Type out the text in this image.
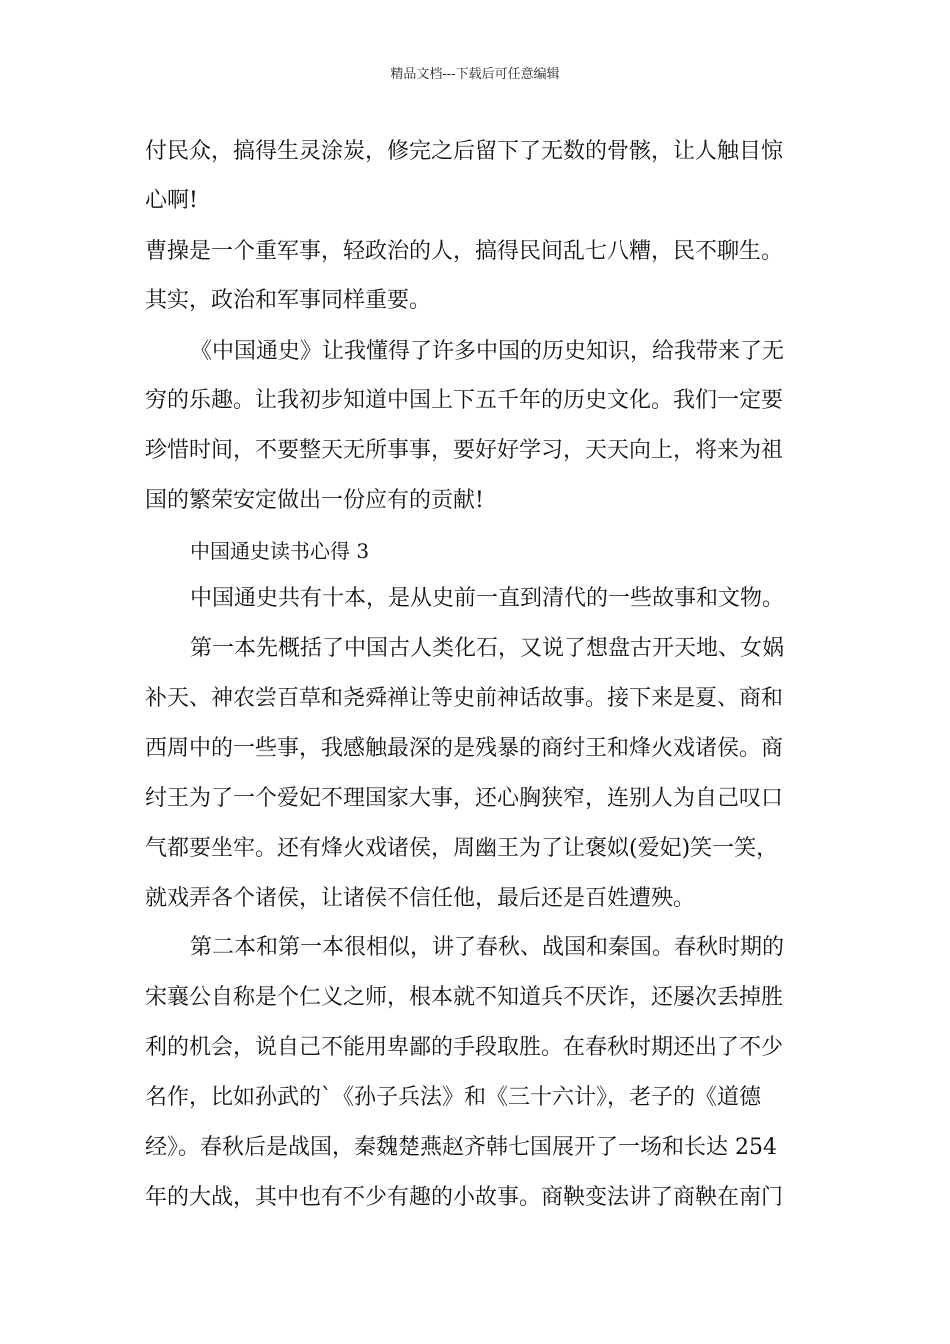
精品文档---下载后可任意编辑
付民众，搞得生灵涂炭，修完之后留下了无数的骨骸，让人触目惊
心啊!
曹操是一个重军事，轻政治的人，搞得民间乱七八糟，民不聊生。
其实，政治和军事同样重要。
《中国通史》让我懂得了许多中国的历史知识，给我带来了无
穷的乐趣。让我初步知道中国上下五千年的历史文化。我们一定要
珍惜时间，不要整天无所事事，要好好学习，天天向上，将来为祖
国的繁荣安定做出一份应有的贡献!
中国通史读书心得 3
中国通史共有十本，是从史前一直到清代的一些故事和文物。
第一本先概括了中国古人类化石，又说了想盘古开天地、女娲
补天、神农尝百草和尧舜禅让等史前神话故事。接下来是夏、商和
西周中的一些事，我感触最深的是残暴的商纣王和烽火戏诸侯。商
纣王为了一个爱妃不理国家大事，还心胸狭窄，连别人为自己叹口
气都要坐牢。还有烽火戏诸侯，周幽王为了让褒姒(爱妃)笑一笑，
就戏弄各个诸侯，让诸侯不信任他，最后还是百姓遭殃。
第二本和第一本很相似，讲了春秋、战国和秦国。春秋时期的
宋襄公自称是个仁义之师，根本就不知道兵不厌诈，还屡次丢掉胜
利的机会，说自己不能用卑鄙的手段取胜。在春秋时期还出了不少
名作，比如孙武的`《孙子兵法》和《三十六计》，老子的《道德
经》。春秋后是战国，秦魏楚燕赵齐韩七国展开了一场和长达 254
年的大战，其中也有不少有趣的小故事。商鞅变法讲了商鞅在南门
